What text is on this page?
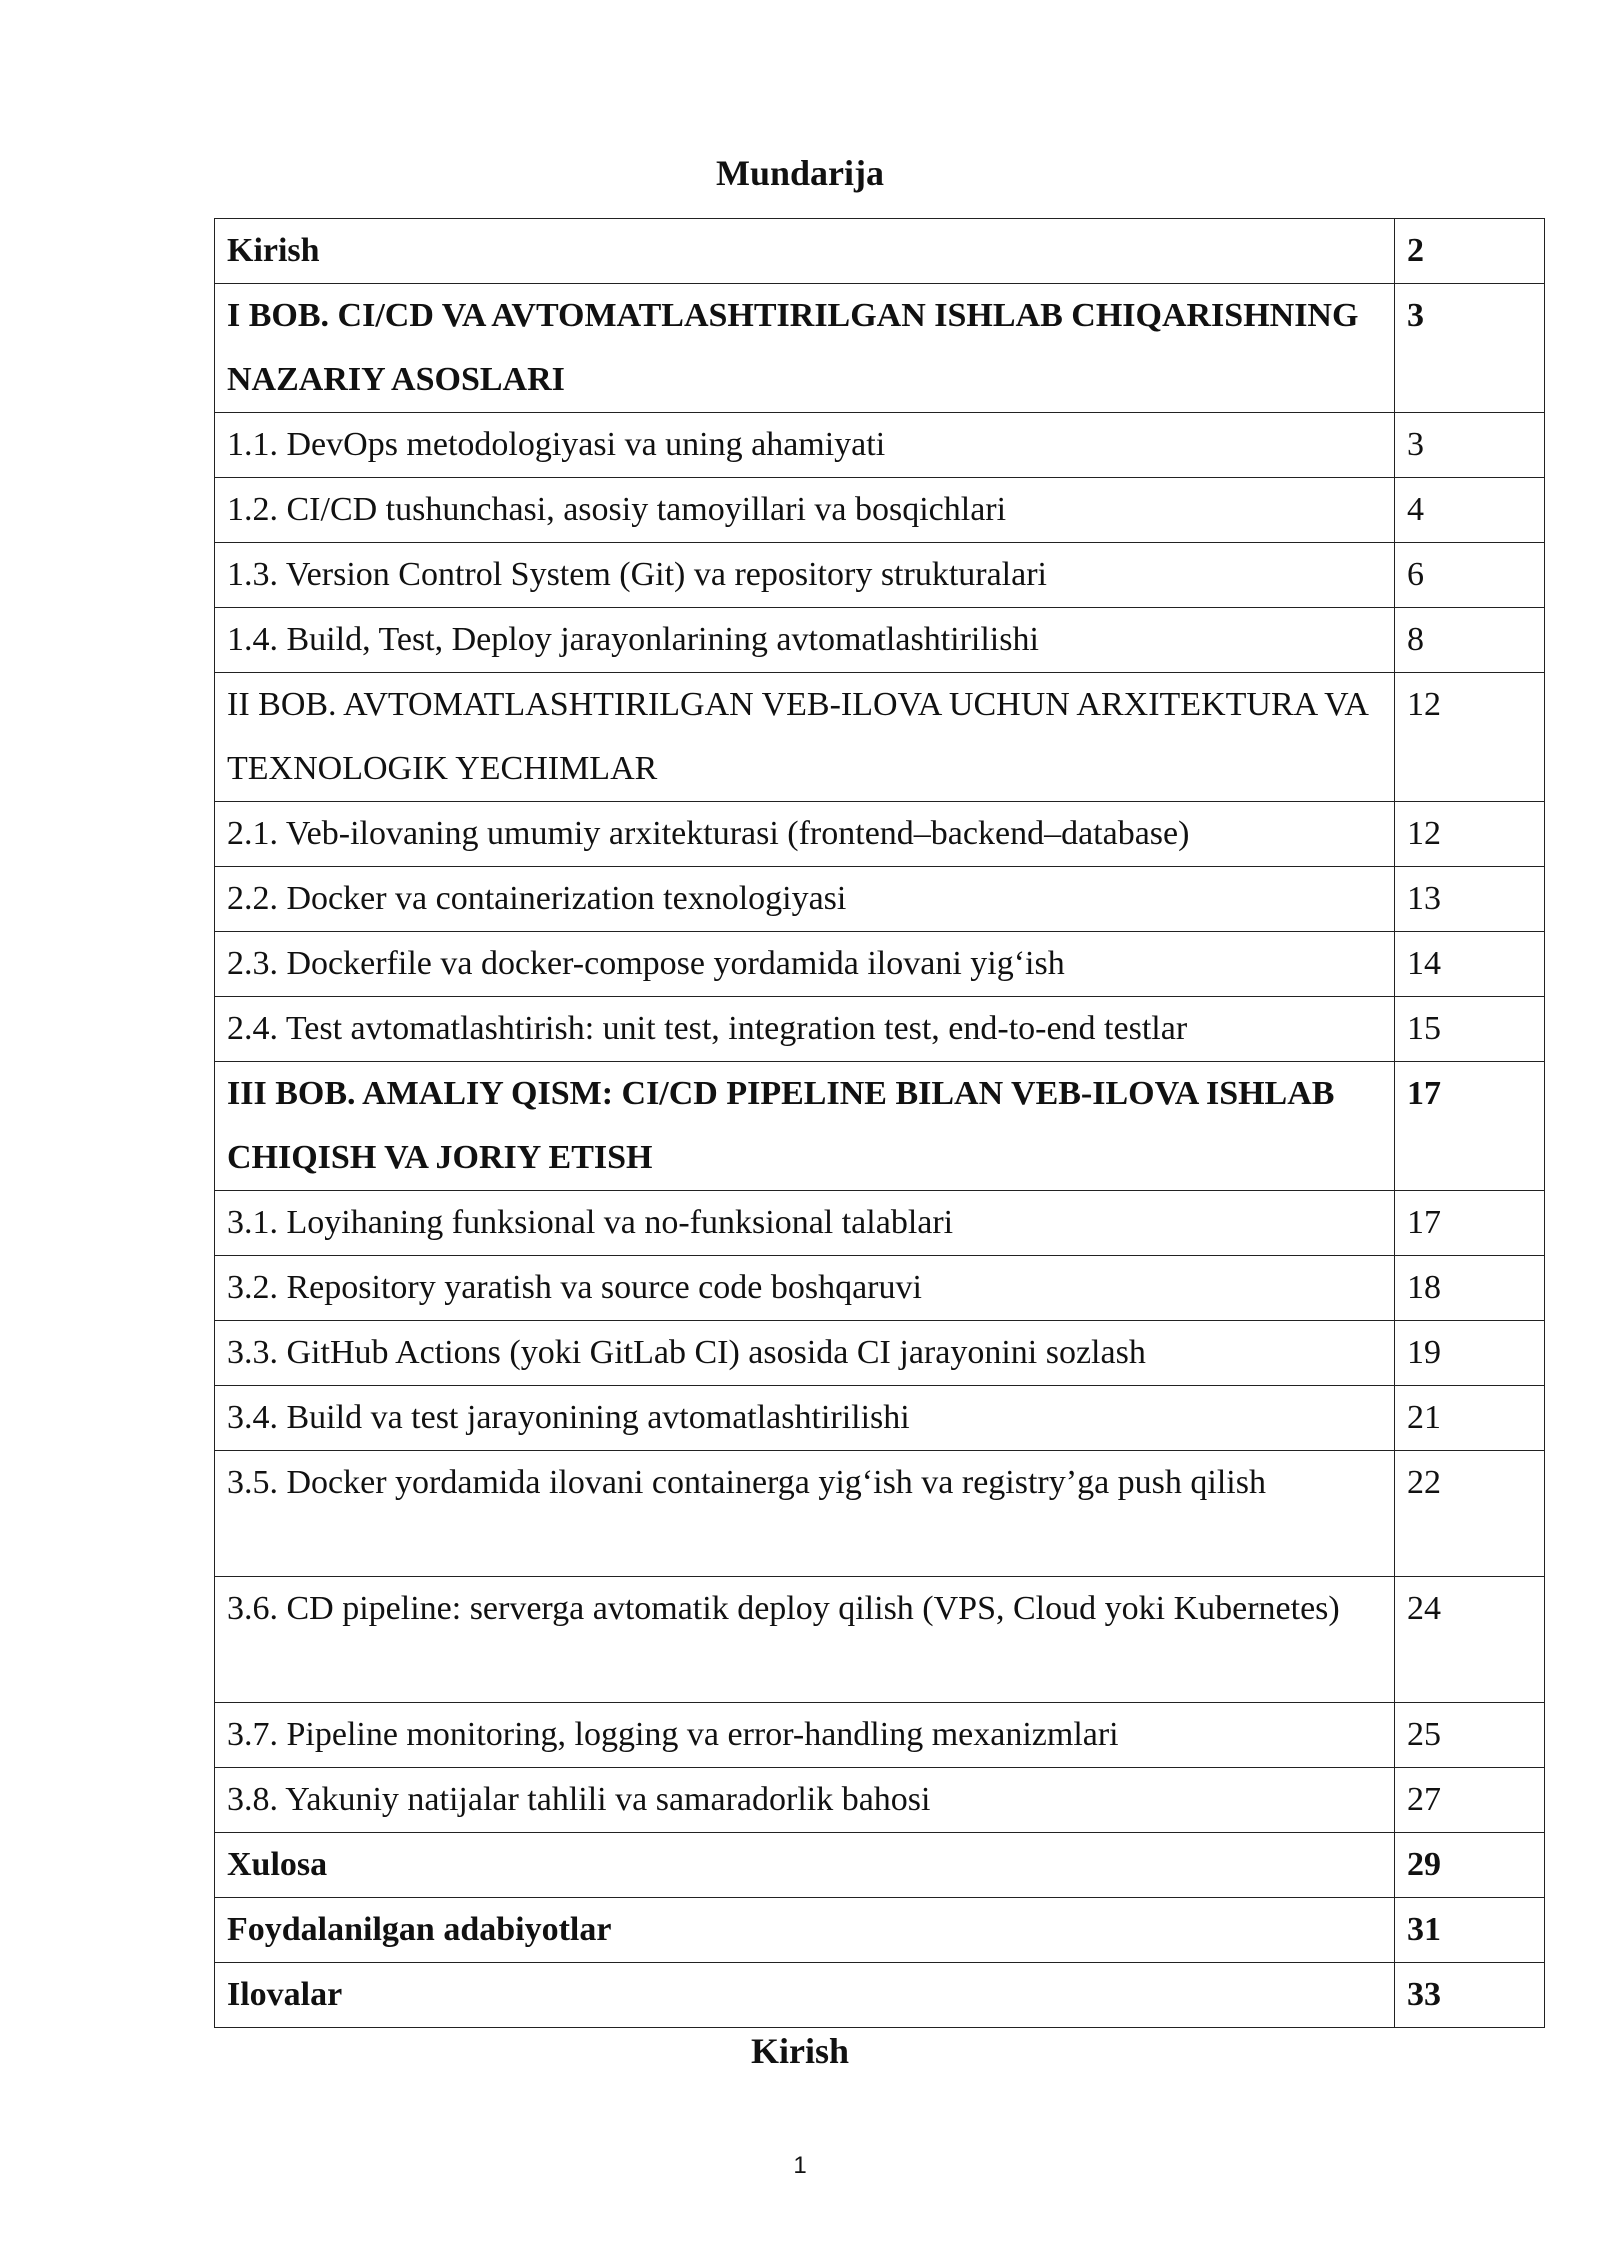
Mundarija
Kirish	2
I BOB. CI/CD VA AVTOMATLASHTIRILGAN ISHLAB CHIQARISHNING NAZARIY ASOSLARI	3
1.1. DevOps metodologiyasi va uning ahamiyati	3
1.2. CI/CD tushunchasi, asosiy tamoyillari va bosqichlari	4
1.3. Version Control System (Git) va repository strukturalari	6
1.4. Build, Test, Deploy jarayonlarining avtomatlashtirilishi	8
II BOB. AVTOMATLASHTIRILGAN VEB-ILOVA UCHUN ARXITEKTURA VA TEXNOLOGIK YECHIMLAR	12
2.1. Veb-ilovaning umumiy arxitekturasi (frontend–backend–database)	12
2.2. Docker va containerization texnologiyasi	13
2.3. Dockerfile va docker-compose yordamida ilovani yig‘ish	14
2.4. Test avtomatlashtirish: unit test, integration test, end-to-end testlar	15
III BOB. AMALIY QISM: CI/CD PIPELINE BILAN VEB-ILOVA ISHLAB CHIQISH VA JORIY ETISH	17
3.1. Loyihaning funksional va no-funksional talablari	17
3.2. Repository yaratish va source code boshqaruvi	18
3.3. GitHub Actions (yoki GitLab CI) asosida CI jarayonini sozlash	19
3.4. Build va test jarayonining avtomatlashtirilishi	21
3.5. Docker yordamida ilovani containerga yig‘ish va registry’ga push qilish	22
3.6. CD pipeline: serverga avtomatik deploy qilish (VPS, Cloud yoki Kubernetes)	24
3.7. Pipeline monitoring, logging va error-handling mexanizmlari	25
3.8. Yakuniy natijalar tahlili va samaradorlik bahosi	27
Xulosa	29
Foydalanilgan adabiyotlar	31
Ilovalar	33
Kirish
1
